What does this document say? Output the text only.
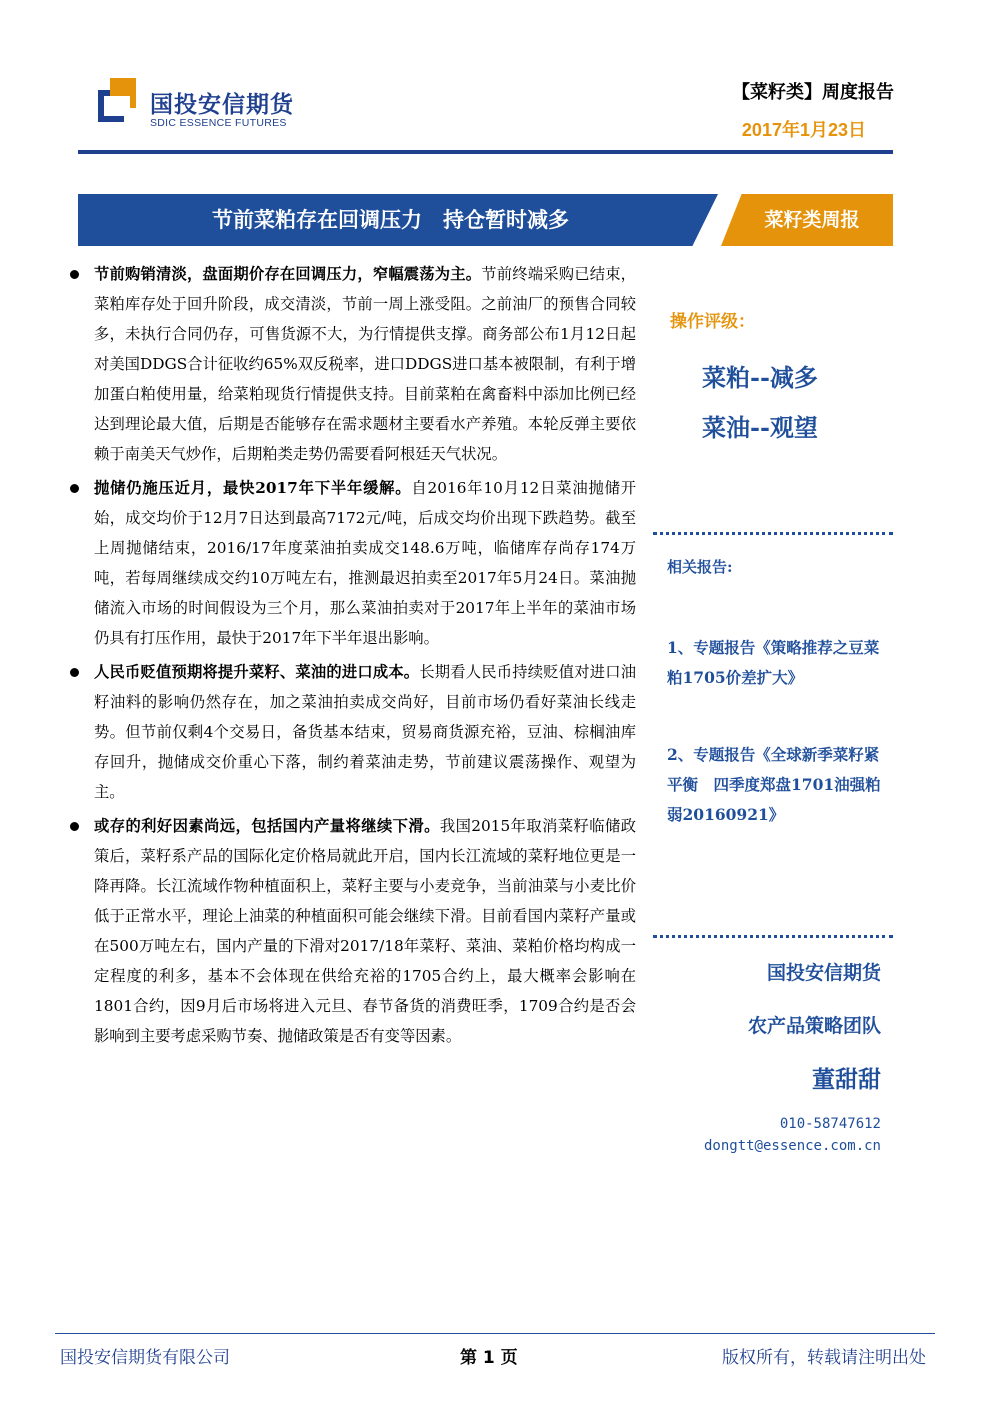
国投安信期货
SDIC ESSENCE FUTURES
【菜籽类】周度报告
2017年1月23日
节前菜粕存在回调压力　持仓暂时减多	菜籽类周报

节前购销清淡，盘面期价存在回调压力，窄幅震荡为主。节前终端采购已结束，菜粕库存处于回升阶段，成交清淡，节前一周上涨受阻。之前油厂的预售合同较多，未执行合同仍存，可售货源不大，为行情提供支撑。商务部公布1月12日起对美国DDGS合计征收约65%双反税率，进口DDGS进口基本被限制，有利于增加蛋白粕使用量，给菜粕现货行情提供支持。目前菜粕在禽畜料中添加比例已经达到理论最大值，后期是否能够存在需求题材主要看水产养殖。本轮反弹主要依赖于南美天气炒作，后期粕类走势仍需要看阿根廷天气状况。

抛储仍施压近月，最快2017年下半年缓解。自2016年10月12日菜油抛储开始，成交均价于12月7日达到最高7172元/吨，后成交均价出现下跌趋势。截至上周抛储结束，2016/17年度菜油拍卖成交148.6万吨，临储库存尚存174万吨，若每周继续成交约10万吨左右，推测最迟拍卖至2017年5月24日。菜油抛储流入市场的时间假设为三个月，那么菜油拍卖对于2017年上半年的菜油市场仍具有打压作用，最快于2017年下半年退出影响。

人民币贬值预期将提升菜籽、菜油的进口成本。长期看人民币持续贬值对进口油籽油料的影响仍然存在，加之菜油拍卖成交尚好，目前市场仍看好菜油长线走势。但节前仅剩4个交易日，备货基本结束，贸易商货源充裕，豆油、棕榈油库存回升，抛储成交价重心下落，制约着菜油走势，节前建议震荡操作、观望为主。

或存的利好因素尚远，包括国内产量将继续下滑。我国2015年取消菜籽临储政策后，菜籽系产品的国际化定价格局就此开启，国内长江流域的菜籽地位更是一降再降。长江流域作物种植面积上，菜籽主要与小麦竞争，当前油菜与小麦比价低于正常水平，理论上油菜的种植面积可能会继续下滑。目前看国内菜籽产量或在500万吨左右，国内产量的下滑对2017/18年菜籽、菜油、菜粕价格均构成一定程度的利多，基本不会体现在供给充裕的1705合约上，最大概率会影响在1801合约，因9月后市场将进入元旦、春节备货的消费旺季，1709合约是否会影响到主要考虑采购节奏、抛储政策是否有变等因素。

操作评级：
菜粕--减多
菜油--观望
相关报告:
1、专题报告《策略推荐之豆菜粕1705价差扩大》
2、专题报告《全球新季菜籽紧平衡　四季度郑盘1701油强粕弱20160921》
国投安信期货
农产品策略团队
董甜甜
010-58747612
dongtt@essence.com.cn
国投安信期货有限公司	第 1 页	版权所有，转载请注明出处
